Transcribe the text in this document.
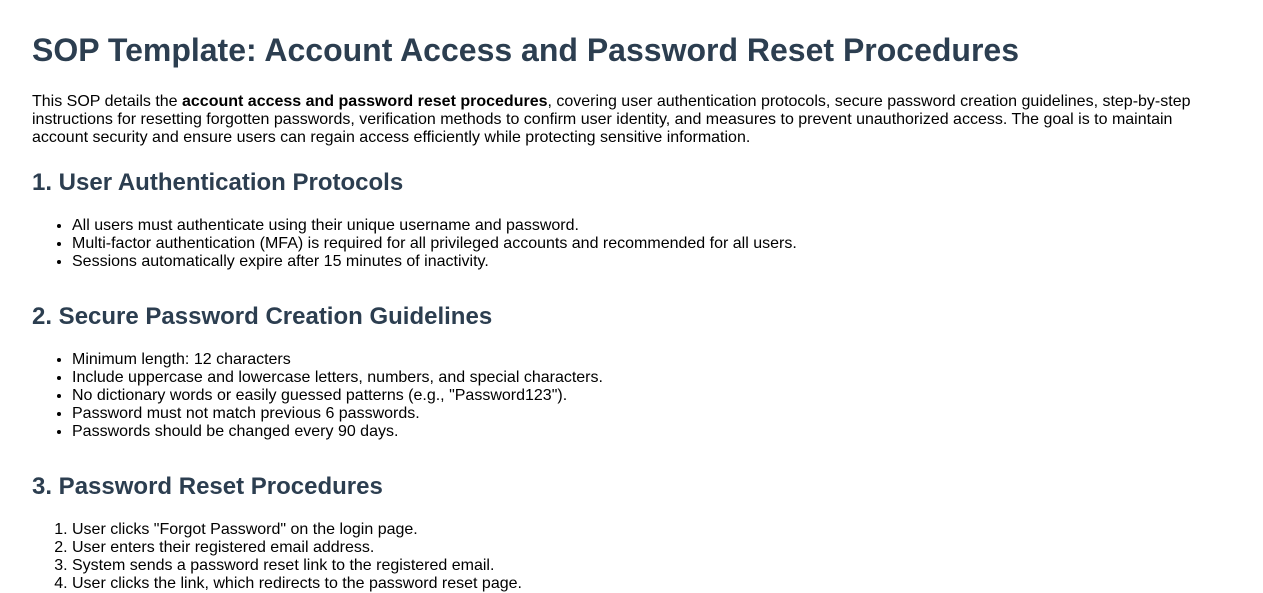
SOP Template: Account Access and Password Reset Procedures

This SOP details the account access and password reset procedures, covering user authentication protocols, secure password creation guidelines, step-by-step instructions for resetting forgotten passwords, verification methods to confirm user identity, and measures to prevent unauthorized access. The goal is to maintain account security and ensure users can regain access efficiently while protecting sensitive information.

1. User Authentication Protocols
• All users must authenticate using their unique username and password.
• Multi-factor authentication (MFA) is required for all privileged accounts and recommended for all users.
• Sessions automatically expire after 15 minutes of inactivity.
2. Secure Password Creation Guidelines
• Minimum length: 12 characters
• Include uppercase and lowercase letters, numbers, and special characters.
• No dictionary words or easily guessed patterns (e.g., "Password123").
• Password must not match previous 6 passwords.
• Passwords should be changed every 90 days.
3. Password Reset Procedures
1. User clicks "Forgot Password" on the login page.
2. User enters their registered email address.
3. System sends a password reset link to the registered email.
4. User clicks the link, which redirects to the password reset page.
